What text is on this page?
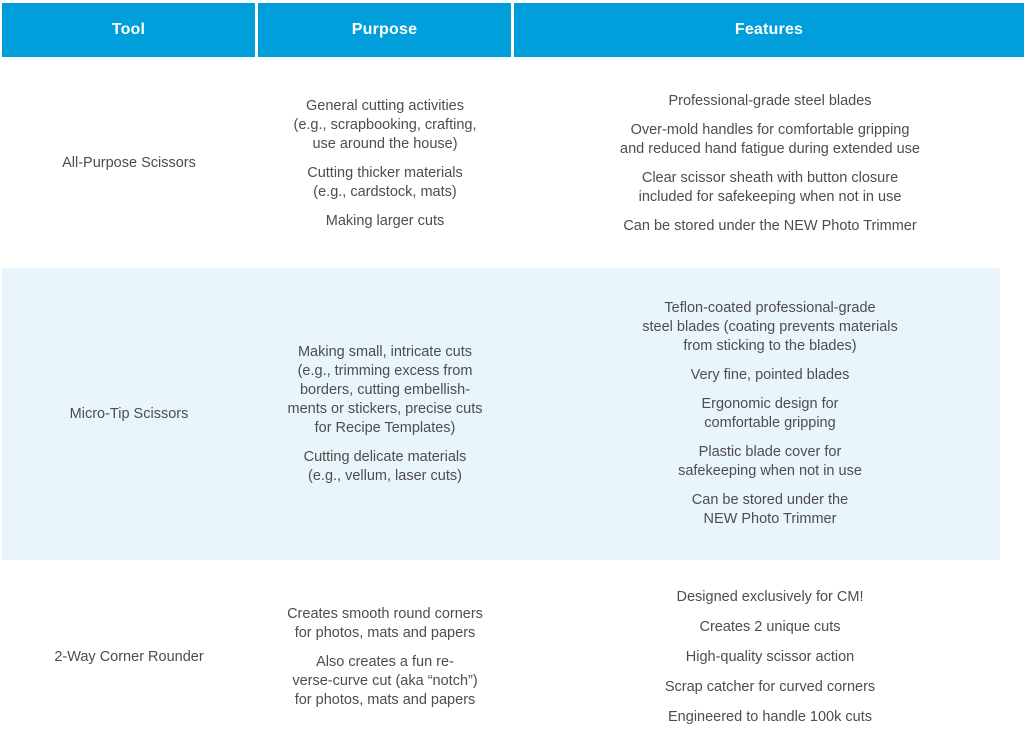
Tool	Purpose	Features
All-Purpose Scissors
General cutting activities
(e.g., scrapbooking, crafting,
use around the house)
Cutting thicker materials
(e.g., cardstock, mats)
Making larger cuts
Professional-grade steel blades
Over-mold handles for comfortable gripping
and reduced hand fatigue during extended use
Clear scissor sheath with button closure
included for safekeeping when not in use
Can be stored under the NEW Photo Trimmer
Micro-Tip Scissors
Making small, intricate cuts
(e.g., trimming excess from
borders, cutting embellish-
ments or stickers, precise cuts
for Recipe Templates)
Cutting delicate materials
(e.g., vellum, laser cuts)
Teflon-coated professional-grade
steel blades (coating prevents materials
from sticking to the blades)
Very fine, pointed blades
Ergonomic design for
comfortable gripping
Plastic blade cover for
safekeeping when not in use
Can be stored under the
NEW Photo Trimmer
2-Way Corner Rounder
Creates smooth round corners
for photos, mats and papers
Also creates a fun re-
verse-curve cut (aka “notch”)
for photos, mats and papers
Designed exclusively for CM!
Creates 2 unique cuts
High-quality scissor action
Scrap catcher for curved corners
Engineered to handle 100k cuts
